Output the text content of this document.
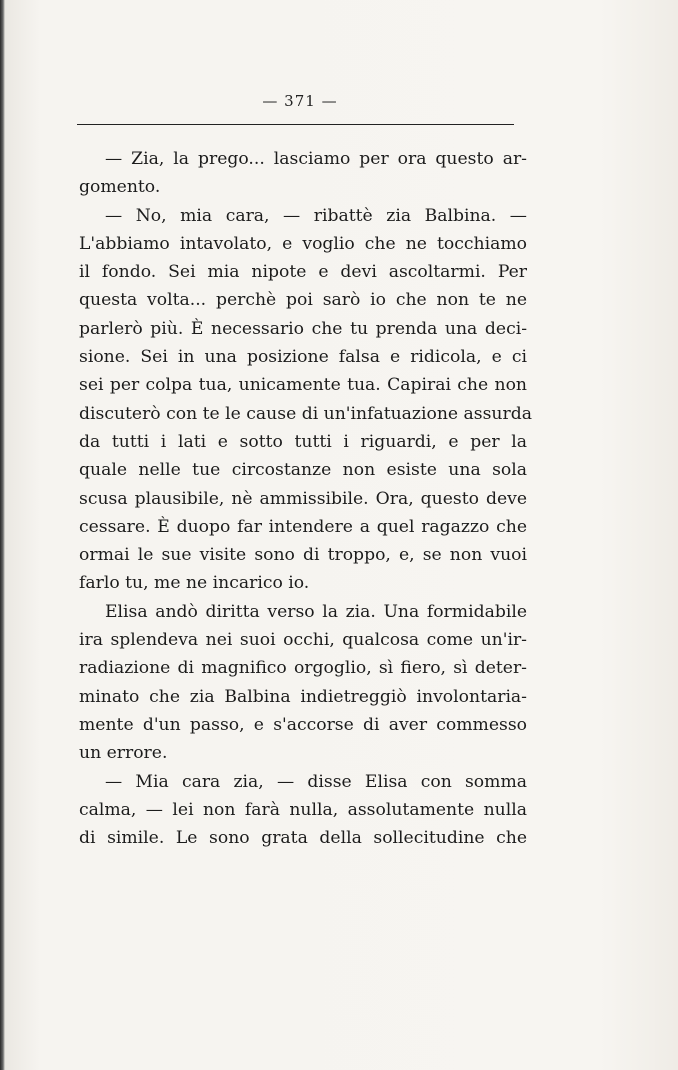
— 371 —
— Zia, la prego... lasciamo per ora questo ar-
gomento.
— No, mia cara, — ribattè zia Balbina. —
L'abbiamo intavolato, e voglio che ne tocchiamo
il fondo. Sei mia nipote e devi ascoltarmi. Per
questa volta... perchè poi sarò io che non te ne
parlerò più. È necessario che tu prenda una deci-
sione. Sei in una posizione falsa e ridicola, e ci
sei per colpa tua, unicamente tua. Capirai che non
discuterò con te le cause di un'infatuazione assurda
da tutti i lati e sotto tutti i riguardi, e per la
quale nelle tue circostanze non esiste una sola
scusa plausibile, nè ammissibile. Ora, questo deve
cessare. È duopo far intendere a quel ragazzo che
ormai le sue visite sono di troppo, e, se non vuoi
farlo tu, me ne incarico io.
Elisa andò diritta verso la zia. Una formidabile
ira splendeva nei suoi occhi, qualcosa come un'ir-
radiazione di magnifico orgoglio, sì fiero, sì deter-
minato che zia Balbina indietreggiò involontaria-
mente d'un passo, e s'accorse di aver commesso
un errore.
— Mia cara zia, — disse Elisa con somma
calma, — lei non farà nulla, assolutamente nulla
di simile. Le sono grata della sollecitudine che
